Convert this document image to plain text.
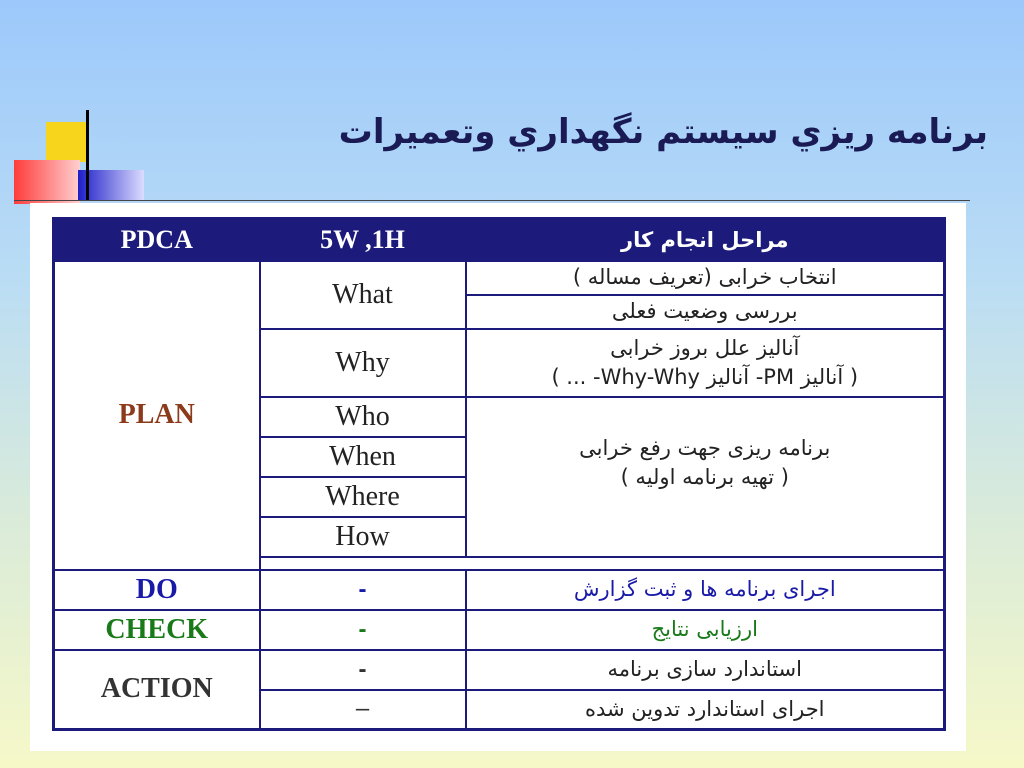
برنامه ريزي سيستم نگهداري وتعميرات
PDCA	5W ,1H	مراحل انجام کار
PLAN	What	انتخاب خرابی (تعریف مساله )
		بررسی وضعیت فعلی
	Why	آنالیز علل بروز خرابی
( آنالیز PM- آنالیز Why-Why- ... )

	Who	برنامه ریزی جهت رفع خرابی
( تهیه برنامه اولیه )

	When	
	Where	
	How	

DO	-	اجرای برنامه ها و ثبت گزارش
CHECK	-	ارزیابی نتایج
ACTION	-	استاندارد سازی برنامه
	–	اجرای استاندارد تدوین شده
